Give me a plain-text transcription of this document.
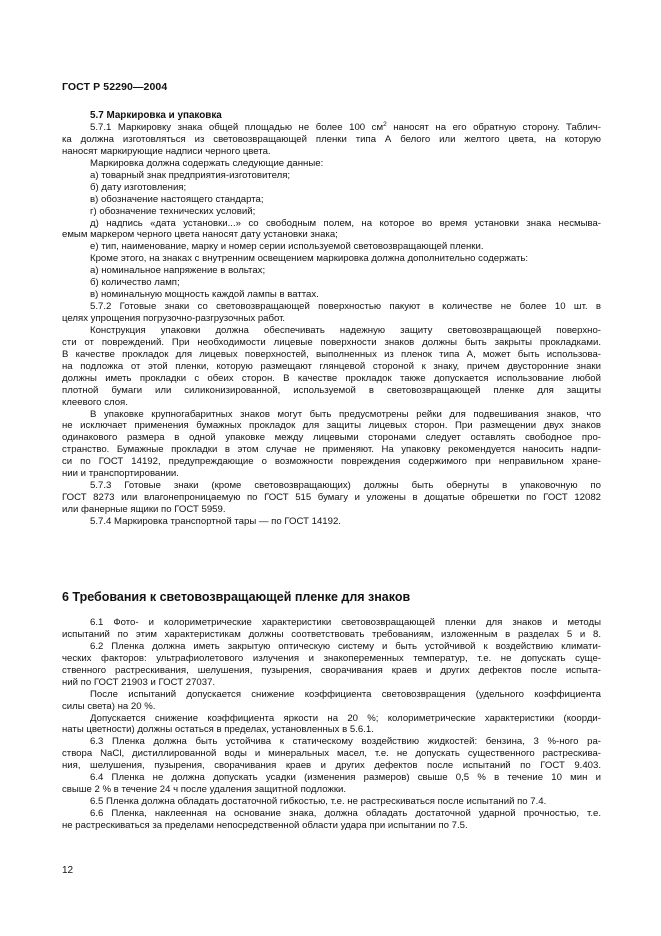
ГОСТ Р 52290—2004
5.7 Маркировка и упаковка
5.7.1 Маркировку знака общей площадью не более 100 $см^2$ наносят на его обратную сторону. Таблич-
ка должна изготовляться из световозвращающей пленки типа А белого или желтого цвета, на которую
наносят маркирующие надписи черного цвета.
Маркировка должна содержать следующие данные:
а) товарный знак предприятия-изготовителя;
б) дату изготовления;
в) обозначение настоящего стандарта;
г) обозначение технических условий;
д) надпись «дата установки...» со свободным полем, на которое во время установки знака несмыва-
емым маркером черного цвета наносят дату установки знака;
е) тип, наименование, марку и номер серии используемой световозвращающей пленки.
Кроме этого, на знаках с внутренним освещением маркировка должна дополнительно содержать:
а) номинальное напряжение в вольтах;
б) количество ламп;
в) номинальную мощность каждой лампы в ваттах.
5.7.2 Готовые знаки со световозвращающей поверхностью пакуют в количестве не более 10 шт. в
целях упрощения погрузочно-разгрузочных работ.
Конструкция упаковки должна обеспечивать надежную защиту световозвращающей поверхно-
сти от повреждений. При необходимости лицевые поверхности знаков должны быть закрыты прокладками.
В качестве прокладок для лицевых поверхностей, выполненных из пленок типа А, может быть использова-
на подложка от этой пленки, которую размещают глянцевой стороной к знаку, причем двусторонние знаки
должны иметь прокладки с обеих сторон. В качестве прокладок также допускается использование любой
плотной бумаги или силиконизированной, используемой в световозвращающей пленке для защиты
клеевого слоя.
В упаковке крупногабаритных знаков могут быть предусмотрены рейки для подвешивания знаков, что
не исключает применения бумажных прокладок для защиты лицевых сторон. При размещении двух знаков
одинакового размера в одной упаковке между лицевыми сторонами следует оставлять свободное про-
странство. Бумажные прокладки в этом случае не применяют. На упаковку рекомендуется наносить надпи-
си по ГОСТ 14192, предупреждающие о возможности повреждения содержимого при неправильном хране-
нии и транспортировании.
5.7.3 Готовые знаки (кроме световозвращающих) должны быть обернуты в упаковочную по
ГОСТ 8273 или влагонепроницаемую по ГОСТ 515 бумагу и уложены в дощатые обрешетки по ГОСТ 12082
или фанерные ящики по ГОСТ 5959.
5.7.4 Маркировка транспортной тары — по ГОСТ 14192.
6 Требования к световозвращающей пленке для знаков
6.1 Фото- и колориметрические характеристики световозвращающей пленки для знаков и методы
испытаний по этим характеристикам должны соответствовать требованиям, изложенным в разделах 5 и 8.
6.2 Пленка должна иметь закрытую оптическую систему и быть устойчивой к воздействию климати-
ческих факторов: ультрафиолетового излучения и знакопеременных температур, т.е. не допускать суще-
ственного растрескивания, шелушения, пузырения, сворачивания краев и других дефектов после испыта-
ний по ГОСТ 21903 и ГОСТ 27037.
После испытаний допускается снижение коэффициента световозвращения (удельного коэффициента
силы света) на 20 %.
Допускается снижение коэффициента яркости на 20 %; колориметрические характеристики (коорди-
наты цветности) должны остаться в пределах, установленных в 5.6.1.
6.3 Пленка должна быть устойчива к статическому воздействию жидкостей: бензина, 3 %-ного ра-
створа NaCl, дистиллированной воды и минеральных масел, т.е. не допускать существенного растрескива-
ния, шелушения, пузырения, сворачивания краев и других дефектов после испытаний по ГОСТ 9.403.
6.4 Пленка не должна допускать усадки (изменения размеров) свыше 0,5 % в течение 10 мин и
свыше 2 % в течение 24 ч после удаления защитной подложки.
6.5 Пленка должна обладать достаточной гибкостью, т.е. не растрескиваться после испытаний по 7.4.
6.6 Пленка, наклеенная на основание знака, должна обладать достаточной ударной прочностью, т.е.
не растрескиваться за пределами непосредственной области удара при испытании по 7.5.
12
